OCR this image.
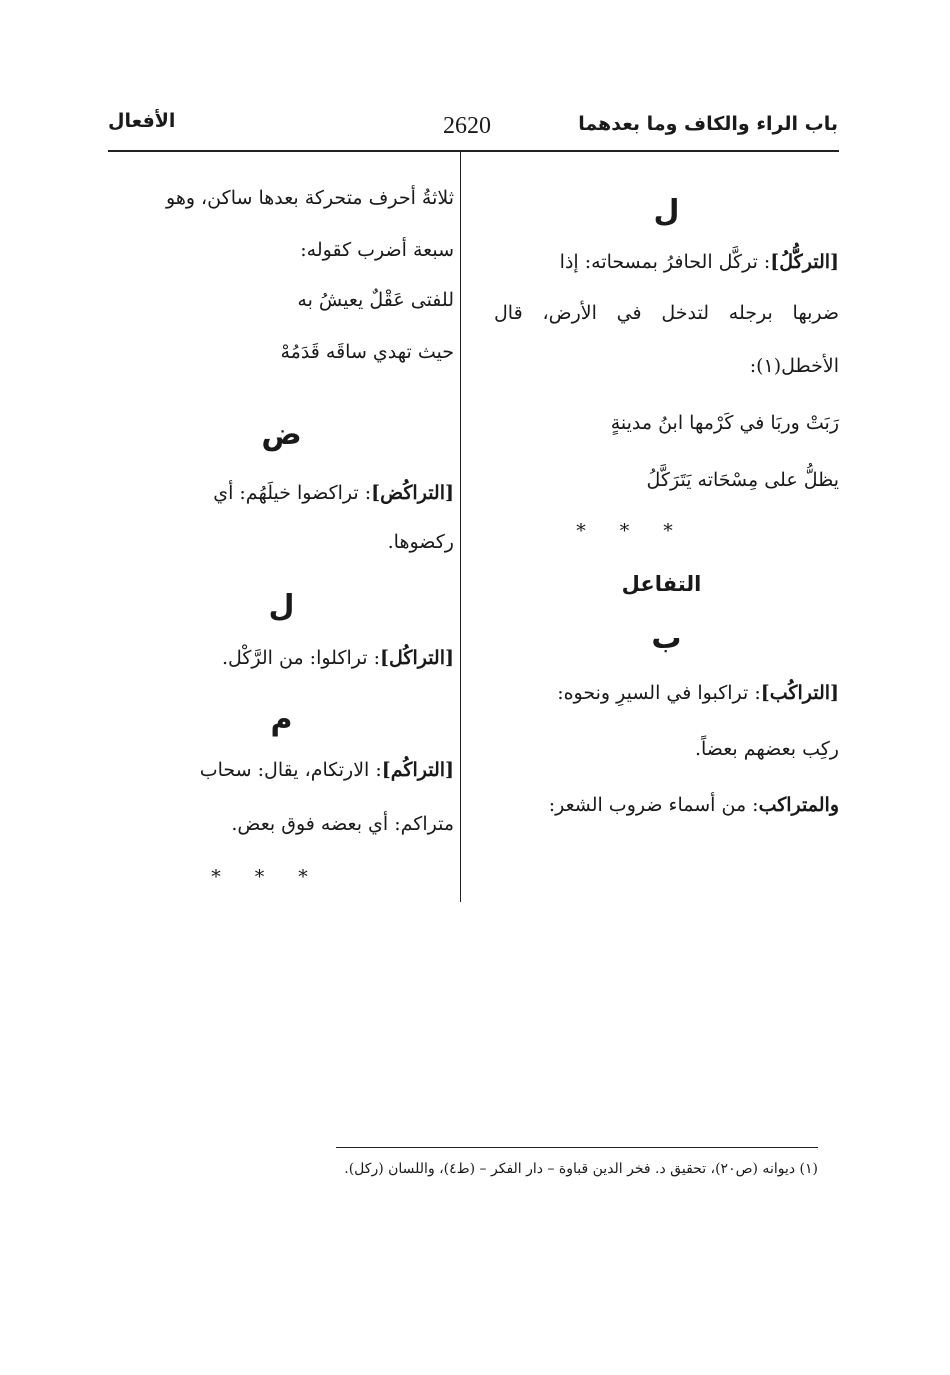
باب الراء والكاف وما بعدهما
2620
الأفعال
ل

[التركُّلُ]: تركَّل الحافرُ بمسحاته: إذا

ضربها برجله لتدخل في الأرض، قال

الأخطل(١):

رَبَتْ وربَا في كَرْمها ابنُ مدينةٍ

يظلُّ على مِسْحَاته يَتَرَكَّلُ

* * *
التفاعل
ب

[التراكُب]: تراكبوا في السيرِ ونحوه:

ركِب بعضهم بعضاً.

والمتراكب: من أسماء ضروب الشعر:

ثلاثةُ أحرف متحركة بعدها ساكن، وهو

سبعة أضرب كقوله:

للفتى عَقْلٌ يعيشُ به

حيث تهدي ساقَه قَدَمُهْ

ض

[التراكُض]: تراكضوا خيلَهُم: أي

ركضوها.

ل

[التراكُل]: تراكلوا: من الرَّكْل.

م

[التراكُم]: الارتكام، يقال: سحاب

متراكم: أي بعضه فوق بعض.

* * *
(١) ديوانه (ص٢٠)، تحقيق د. فخر الدين قباوة – دار الفكر – (ط٤)، واللسان (ركل).
